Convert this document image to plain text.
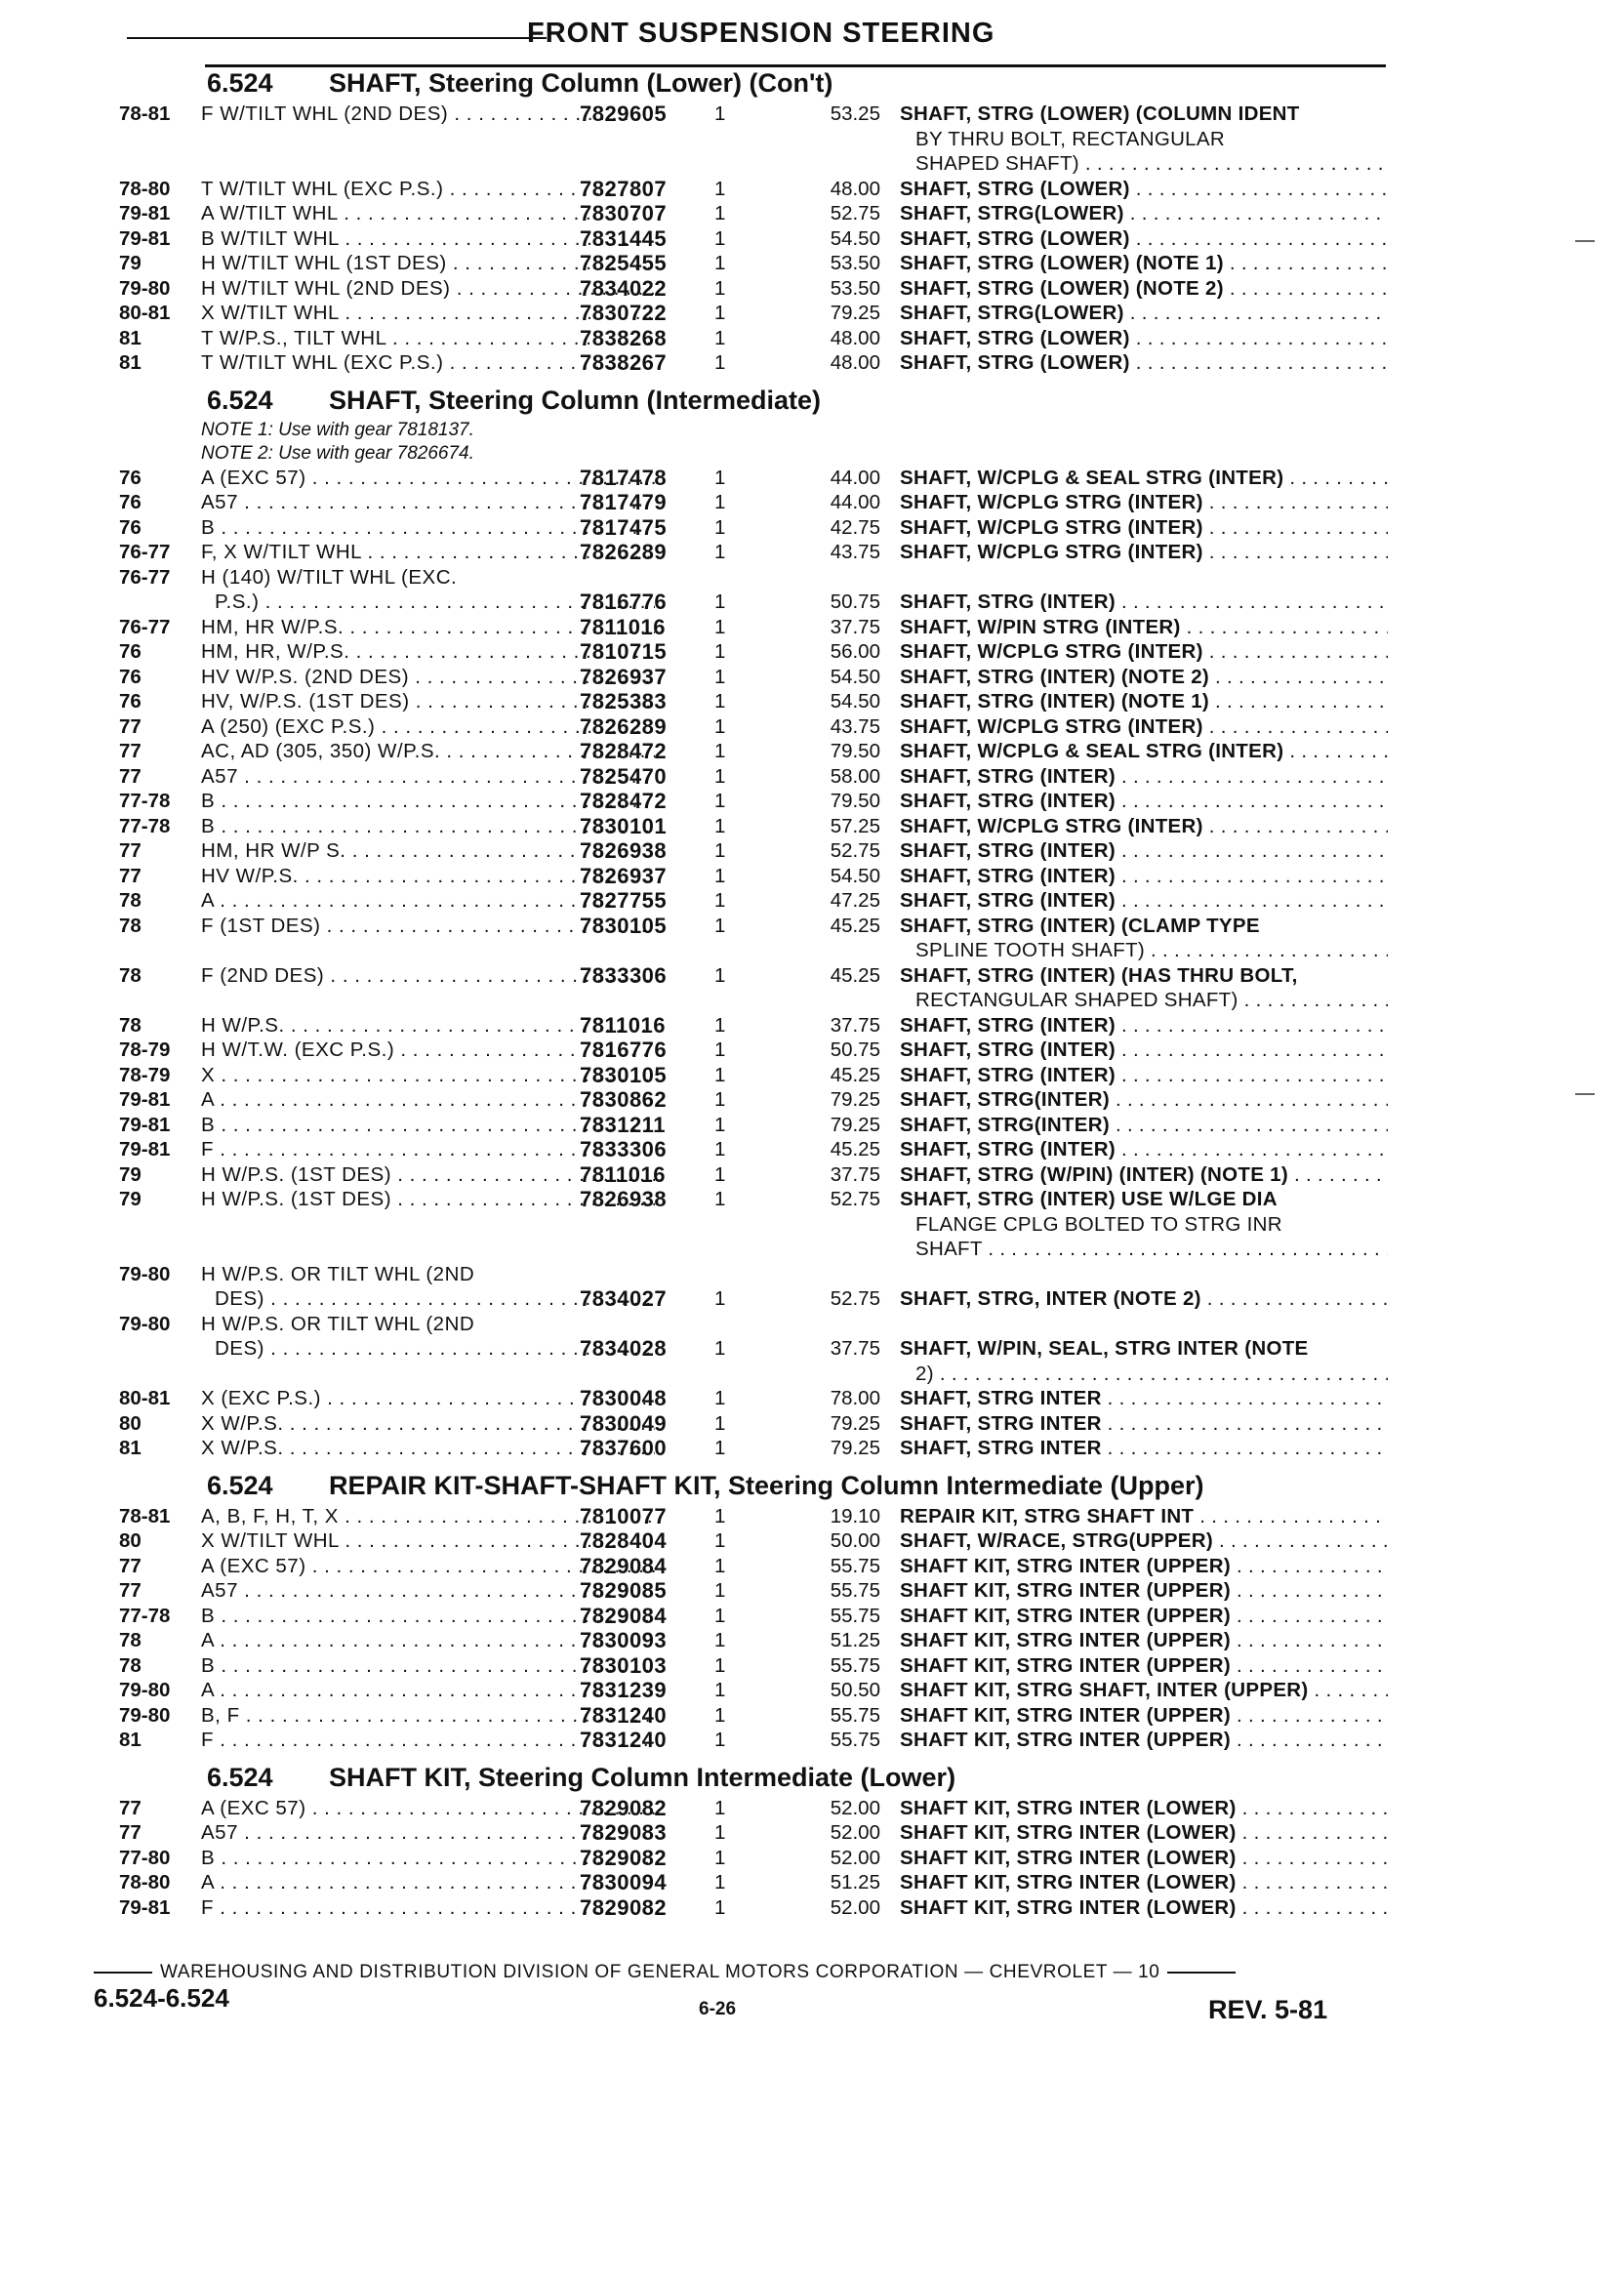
FRONT SUSPENSION STEERING
6.524 SHAFT, Steering Column (Lower) (Con't)
78-81	F W/TILT WHL (2ND DES) . . .	7829605 1	53.25 SHAFT, STRG (LOWER) (COLUMN IDENT
BY THRU BOLT, RECTANGULAR
SHAPED SHAFT) . . .
78-80	T W/TILT WHL (EXC P.S.) . . .	7827807 1	48.00 SHAFT, STRG (LOWER) . . .
79-81	A W/TILT WHL . . .	7830707 1	52.75 SHAFT, STRG(LOWER) . . .
79-81	B W/TILT WHL . . .	7831445 1	54.50 SHAFT, STRG (LOWER) . . .
79	H W/TILT WHL (1ST DES) . . .	7825455 1	53.50 SHAFT, STRG (LOWER) (NOTE 1) . . .
79-80	H W/TILT WHL (2ND DES) . . .	7834022 1	53.50 SHAFT, STRG (LOWER) (NOTE 2) . . .
80-81	X W/TILT WHL . . .	7830722 1	79.25 SHAFT, STRG(LOWER) . . .
81	T W/P.S., TILT WHL . . .	7838268 1	48.00 SHAFT, STRG (LOWER) . . .
81	T W/TILT WHL (EXC P.S.) . . .	7838267 1	48.00 SHAFT, STRG (LOWER) . . .
6.524 SHAFT, Steering Column (Intermediate)
NOTE 1: Use with gear 7818137.
NOTE 2: Use with gear 7826674.
76	A (EXC 57) . . .	7817478 1	44.00 SHAFT, W/CPLG & SEAL STRG (INTER) . . .
76	A57 . . .	7817479 1	44.00 SHAFT, W/CPLG STRG (INTER) . . .
76	B . . .	7817475 1	42.75 SHAFT, W/CPLG STRG (INTER) . . .
76-77	F, X W/TILT WHL . . .	7826289 1	43.75 SHAFT, W/CPLG STRG (INTER) . . .
76-77	H (140) W/TILT WHL (EXC.
P.S.) . . .	7816776 1	50.75 SHAFT, STRG (INTER) . . .
76-77	HM, HR W/P.S. . . .	7811016 1	37.75 SHAFT, W/PIN STRG (INTER) . . .
76	HM, HR, W/P.S. . . .	7810715 1	56.00 SHAFT, W/CPLG STRG (INTER) . . .
76	HV W/P.S. (2ND DES) . . .	7826937 1	54.50 SHAFT, STRG (INTER) (NOTE 2) . . .
76	HV, W/P.S. (1ST DES) . . .	7825383 1	54.50 SHAFT, STRG (INTER) (NOTE 1) . . .
77	A (250) (EXC P.S.) . . .	7826289 1	43.75 SHAFT, W/CPLG STRG (INTER) . . .
77	AC, AD (305, 350) W/P.S. . . .	7828472 1	79.50 SHAFT, W/CPLG & SEAL STRG (INTER) . . .
77	A57 . . .	7825470 1	58.00 SHAFT, STRG (INTER) . . .
77-78	B . . .	7828472 1	79.50 SHAFT, STRG (INTER) . . .
77-78	B . . .	7830101 1	57.25 SHAFT, W/CPLG STRG (INTER) . . .
77	HM, HR W/P S. . . .	7826938 1	52.75 SHAFT, STRG (INTER) . . .
77	HV W/P.S. . . .	7826937 1	54.50 SHAFT, STRG (INTER) . . .
78	A . . .	7827755 1	47.25 SHAFT, STRG (INTER) . . .
78	F (1ST DES) . . .	7830105 1	45.25 SHAFT, STRG (INTER) (CLAMP TYPE
SPLINE TOOTH SHAFT) . . .
78	F (2ND DES) . . .	7833306 1	45.25 SHAFT, STRG (INTER) (HAS THRU BOLT,
RECTANGULAR SHAPED SHAFT) . . .
78	H W/P.S. . . .	7811016 1	37.75 SHAFT, STRG (INTER) . . .
78-79	H W/T.W. (EXC P.S.) . . .	7816776 1	50.75 SHAFT, STRG (INTER) . . .
78-79	X . . .	7830105 1	45.25 SHAFT, STRG (INTER) . . .
79-81	A . . .	7830862 1	79.25 SHAFT, STRG(INTER) . . .
79-81	B . . .	7831211 1	79.25 SHAFT, STRG(INTER) . . .
79-81	F . . .	7833306 1	45.25 SHAFT, STRG (INTER) . . .
79	H W/P.S. (1ST DES) . . .	7811016 1	37.75 SHAFT, STRG (W/PIN) (INTER) (NOTE 1) . . .
79	H W/P.S. (1ST DES) . . .	7826938 1	52.75 SHAFT, STRG (INTER) USE W/LGE DIA
FLANGE CPLG BOLTED TO STRG INR
SHAFT . . .
79-80	H W/P.S. OR TILT WHL (2ND
DES) . . .	7834027 1	52.75 SHAFT, STRG, INTER (NOTE 2) . . .
79-80	H W/P.S. OR TILT WHL (2ND
DES) . . .	7834028 1	37.75 SHAFT, W/PIN, SEAL, STRG INTER (NOTE
2) . . .
80-81	X (EXC P.S.) . . .	7830048 1	78.00 SHAFT, STRG INTER . . .
80	X W/P.S. . . .	7830049 1	79.25 SHAFT, STRG INTER . . .
81	X W/P.S. . . .	7837600 1	79.25 SHAFT, STRG INTER . . .
6.524 REPAIR KIT-SHAFT-SHAFT KIT, Steering Column Intermediate (Upper)
78-81	A, B, F, H, T, X . . .	7810077 1	19.10 REPAIR KIT, STRG SHAFT INT . . .
80	X W/TILT WHL . . .	7828404 1	50.00 SHAFT, W/RACE, STRG(UPPER) . . .
77	A (EXC 57) . . .	7829084 1	55.75 SHAFT KIT, STRG INTER (UPPER) . . .
77	A57 . . .	7829085 1	55.75 SHAFT KIT, STRG INTER (UPPER) . . .
77-78	B . . .	7829084 1	55.75 SHAFT KIT, STRG INTER (UPPER) . . .
78	A . . .	7830093 1	51.25 SHAFT KIT, STRG INTER (UPPER) . . .
78	B . . .	7830103 1	55.75 SHAFT KIT, STRG INTER (UPPER) . . .
79-80	A . . .	7831239 1	50.50 SHAFT KIT, STRG SHAFT, INTER (UPPER) . . .
79-80	B, F . . .	7831240 1	55.75 SHAFT KIT, STRG INTER (UPPER) . . .
81	F . . .	7831240 1	55.75 SHAFT KIT, STRG INTER (UPPER) . . .
6.524 SHAFT KIT, Steering Column Intermediate (Lower)
77	A (EXC 57) . . .	7829082 1	52.00 SHAFT KIT, STRG INTER (LOWER) . . .
77	A57 . . .	7829083 1	52.00 SHAFT KIT, STRG INTER (LOWER) . . .
77-80	B . . .	7829082 1	52.00 SHAFT KIT, STRG INTER (LOWER) . . .
78-80	A . . .	7830094 1	51.25 SHAFT KIT, STRG INTER (LOWER) . . .
79-81	F . . .	7829082 1	52.00 SHAFT KIT, STRG INTER (LOWER) . . .
WAREHOUSING AND DISTRIBUTION DIVISION OF GENERAL MOTORS CORPORATION — CHEVROLET — 10
6.524-6.524	6-26	REV. 5-81
